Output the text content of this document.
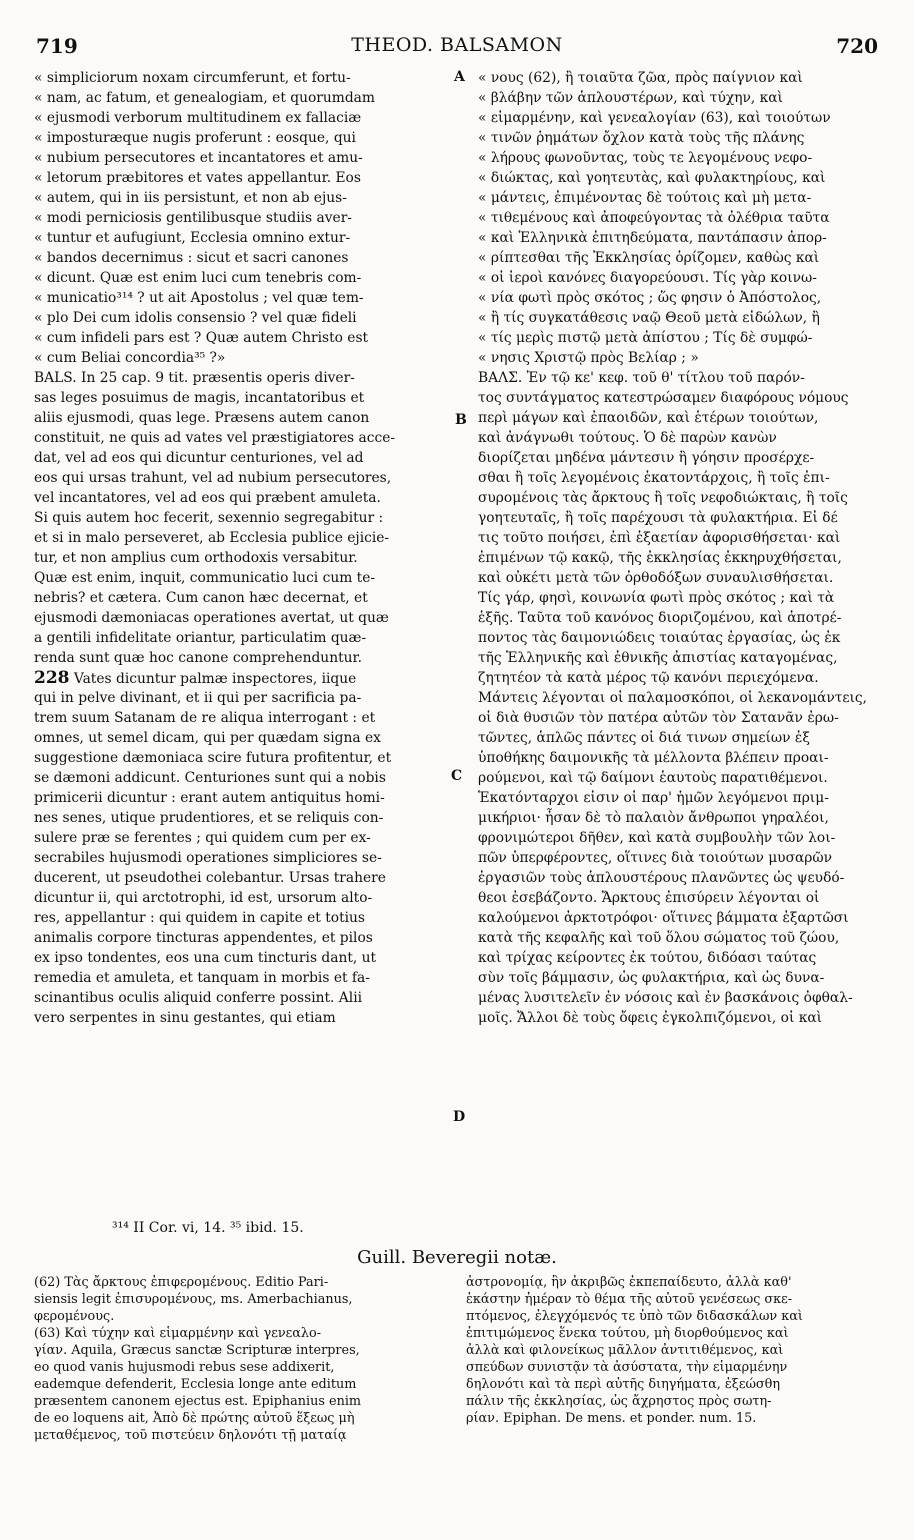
719	THEOD. BALSAMON	720
« simpliciorum noxam circumferunt, et fortu-
« nam, ac fatum, et genealogiam, et quorumdam
« ejusmodi verborum multitudinem ex fallaciæ
« imposturæque nugis proferunt : eosque, qui
« nubium persecutores et incantatores et amu-
« letorum præbitores et vates appellantur. Eos
« autem, qui in iis persistunt, et non ab ejus-
« modi perniciosis gentilibusque studiis aver-
« tuntur et aufugiunt, Ecclesia omnino extur-
« bandos decernimus : sicut et sacri canones
« dicunt. Quæ est enim luci cum tenebris com-
« municatio³¹⁴ ? ut ait Apostolus ; vel quæ tem-
« plo Dei cum idolis consensio ? vel quæ fideli
« cum infideli pars est ? Quæ autem Christo est
« cum Beliai concordia³⁵ ?»
BALS. In 25 cap. 9 tit. præsentis operis diver-
sas leges posuimus de magis, incantatoribus et
aliis ejusmodi, quas lege. Præsens autem canon
constituit, ne quis ad vates vel præstigiatores acce-
dat, vel ad eos qui dicuntur centuriones, vel ad
eos qui ursas trahunt, vel ad nubium persecutores,
vel incantatores, vel ad eos qui præbent amuleta.
Si quis autem hoc fecerit, sexennio segregabitur :
et si in malo perseveret, ab Ecclesia publice ejicie-
tur, et non amplius cum orthodoxis versabitur.
Quæ est enim, inquit, communicatio luci cum te-
nebris? et cætera. Cum canon hæc decernat, et
ejusmodi dæmoniacas operationes avertat, ut quæ
a gentili infidelitate oriantur, particulatim quæ-
renda sunt quæ hoc canone comprehenduntur.
228 Vates dicuntur palmæ inspectores, iique
qui in pelve divinant, et ii qui per sacrificia pa-
trem suum Satanam de re aliqua interrogant : et
omnes, ut semel dicam, qui per quædam signa ex
suggestione dæmoniaca scire futura profitentur, et
se dæmoni addicunt. Centuriones sunt qui a nobis
primicerii dicuntur : erant autem antiquitus homi-
nes senes, utique prudentiores, et se reliquis con-
sulere præ se ferentes ; qui quidem cum per ex-
secrabiles hujusmodi operationes simpliciores se-
ducerent, ut pseudothei colebantur. Ursas trahere
dicuntur ii, qui arctotrophi, id est, ursorum alto-
res, appellantur : qui quidem in capite et totius
animalis corpore tincturas appendentes, et pilos
ex ipso tondentes, eos una cum tincturis dant, ut
remedia et amuleta, et tanquam in morbis et fa-
scinantibus oculis aliquid conferre possint. Alii
vero serpentes in sinu gestantes, qui etiam
« νους (62), ἢ τοιαῦτα ζῶα, πρὸς παίγνιον καὶ
« βλάβην τῶν ἁπλουστέρων, καὶ τύχην, καὶ
« εἱμαρμένην, καὶ γενεαλογίαν (63), καὶ τοιούτων
« τινῶν ῥημάτων ὄχλον κατὰ τοὺς τῆς πλάνης
« λήρους φωνοῦντας, τοὺς τε λεγομένους νεφο-
« διώκτας, καὶ γοητευτὰς, καὶ φυλακτηρίους, καὶ
« μάντεις, ἐπιμένοντας δὲ τούτοις καὶ μὴ μετα-
« τιθεμένους καὶ ἀποφεύγοντας τὰ ὀλέθρια ταῦτα
« καὶ Ἑλληνικὰ ἐπιτηδεύματα, παντάπασιν ἀπορ-
« ρίπτεσθαι τῆς Ἐκκλησίας ὁρίζομεν, καθὼς καὶ
« οἱ ἱεροὶ κανόνες διαγορεύουσι. Τίς γὰρ κοινω-
« νία φωτὶ πρὸς σκότος ; ὥς φησιν ὁ Ἀπόστολος,
« ἢ τίς συγκατάθεσις ναῷ Θεοῦ μετὰ εἰδώλων, ἢ
« τίς μερὶς πιστῷ μετὰ ἀπίστου ; Τίς δὲ συμφώ-
« νησις Χριστῷ πρὸς Βελίαρ ; »
ΒΑΛΣ. Ἐν τῷ κε' κεφ. τοῦ θ' τίτλου τοῦ παρόν-
τος συντάγματος κατεστρώσαμεν διαφόρους νόμους
περὶ μάγων καὶ ἐπαοιδῶν, καὶ ἑτέρων τοιούτων,
καὶ ἀνάγνωθι τούτους. Ὁ δὲ παρὼν κανὼν
διορίζεται μηδένα μάντεσιν ἢ γόησιν προσέρχε-
σθαι ἢ τοῖς λεγομένοις ἑκατοντάρχοις, ἢ τοῖς ἐπι-
συρομένοις τὰς ἄρκτους ἢ τοῖς νεφοδιώκταις, ἢ τοῖς
γοητευταῖς, ἢ τοῖς παρέχουσι τὰ φυλακτήρια. Εἰ δέ
τις τοῦτο ποιήσει, ἐπὶ ἑξαετίαν ἀφορισθήσεται· καὶ
ἐπιμένων τῷ κακῷ, τῆς ἐκκλησίας ἐκκηρυχθήσεται,
καὶ οὐκέτι μετὰ τῶν ὀρθοδόξων συναυλισθήσεται.
Τίς γάρ, φησὶ, κοινωνία φωτὶ πρὸς σκότος ; καὶ τὰ
ἑξῆς. Ταῦτα τοῦ κανόνος διοριζομένου, καὶ ἀποτρέ-
ποντος τὰς δαιμονιώδεις τοιαύτας ἐργασίας, ὡς ἐκ
τῆς Ἑλληνικῆς καὶ ἐθνικῆς ἀπιστίας καταγομένας,
ζητητέον τὰ κατὰ μέρος τῷ κανόνι περιεχόμενα.
Μάντεις λέγονται οἱ παλαμοσκόποι, οἱ λεκανομάντεις,
οἱ διὰ θυσιῶν τὸν πατέρα αὐτῶν τὸν Σατανᾶν ἐρω-
τῶντες, ἁπλῶς πάντες οἱ διά τινων σημείων ἐξ
ὑποθήκης δαιμονικῆς τὰ μέλλοντα βλέπειν προαι-
ρούμενοι, καὶ τῷ δαίμονι ἑαυτοὺς παρατιθέμενοι.
Ἑκατόνταρχοι εἰσιν οἱ παρ' ἡμῶν λεγόμενοι πριμ-
μικήριοι· ἦσαν δὲ τὸ παλαιὸν ἄνθρωποι γηραλέοι,
φρονιμώτεροι δῆθεν, καὶ κατὰ συμβουλὴν τῶν λοι-
πῶν ὑπερφέροντες, οἵτινες διὰ τοιούτων μυσαρῶν
ἐργασιῶν τοὺς ἁπλουστέρους πλανῶντες ὡς ψευδό-
θεοι ἐσεβάζοντο. Ἄρκτους ἐπισύρειν λέγονται οἱ
καλούμενοι ἀρκτοτρόφοι· οἵτινες βάμματα ἐξαρτῶσι
κατὰ τῆς κεφαλῆς καὶ τοῦ ὅλου σώματος τοῦ ζώου,
καὶ τρίχας κείροντες ἐκ τούτου, διδόασι ταύτας
σὺν τοῖς βάμμασιν, ὡς φυλακτήρια, καὶ ὡς δυνα-
μένας λυσιτελεῖν ἐν νόσοις καὶ ἐν βασκάνοις ὀφθαλ-
μοῖς. Ἄλλοι δὲ τοὺς ὄφεις ἐγκολπιζόμενοι, οἱ καὶ
A
B
C
D
³¹⁴ II Cor. vi, 14. ³⁵ ibid. 15.
Guill. Beveregii notæ.
(62) Τὰς ἄρκτους ἐπιφερομένους. Editio Pari-
siensis legit ἐπισυρομένους, ms. Amerbachianus,
φερομένους.
(63) Καὶ τύχην καὶ εἱμαρμένην καὶ γενεαλο-
γίαν. Aquila, Græcus sanctæ Scripturæ interpres,
eo quod vanis hujusmodi rebus sese addixerit,
eademque defenderit, Ecclesia longe ante editum
præsentem canonem ejectus est. Epiphanius enim
de eo loquens ait, Ἀπὸ δὲ πρώτης αὐτοῦ ἕξεως μὴ
μεταθέμενος, τοῦ πιστεύειν δηλονότι τῇ ματαίᾳ
ἀστρονομίᾳ, ἣν ἀκριβῶς ἐκπεπαίδευτο, ἀλλὰ καθ'
ἑκάστην ἡμέραν τὸ θέμα τῆς αὐτοῦ γενέσεως σκε-
πτόμενος, ἐλεγχόμενός τε ὑπὸ τῶν διδασκάλων καὶ
ἐπιτιμώμενος ἕνεκα τούτου, μὴ διορθούμενος καὶ
ἀλλὰ καὶ φιλονείκως μᾶλλον ἀντιτιθέμενος, καὶ
σπεύδων συνιστᾷν τὰ ἀσύστατα, τὴν εἱμαρμένην
δηλονότι καὶ τὰ περὶ αὐτῆς διηγήματα, ἐξεώσθη
πάλιν τῆς ἐκκλησίας, ὡς ἄχρηστος πρὸς σωτη-
ρίαν. Epiphan. De mens. et ponder. num. 15.
